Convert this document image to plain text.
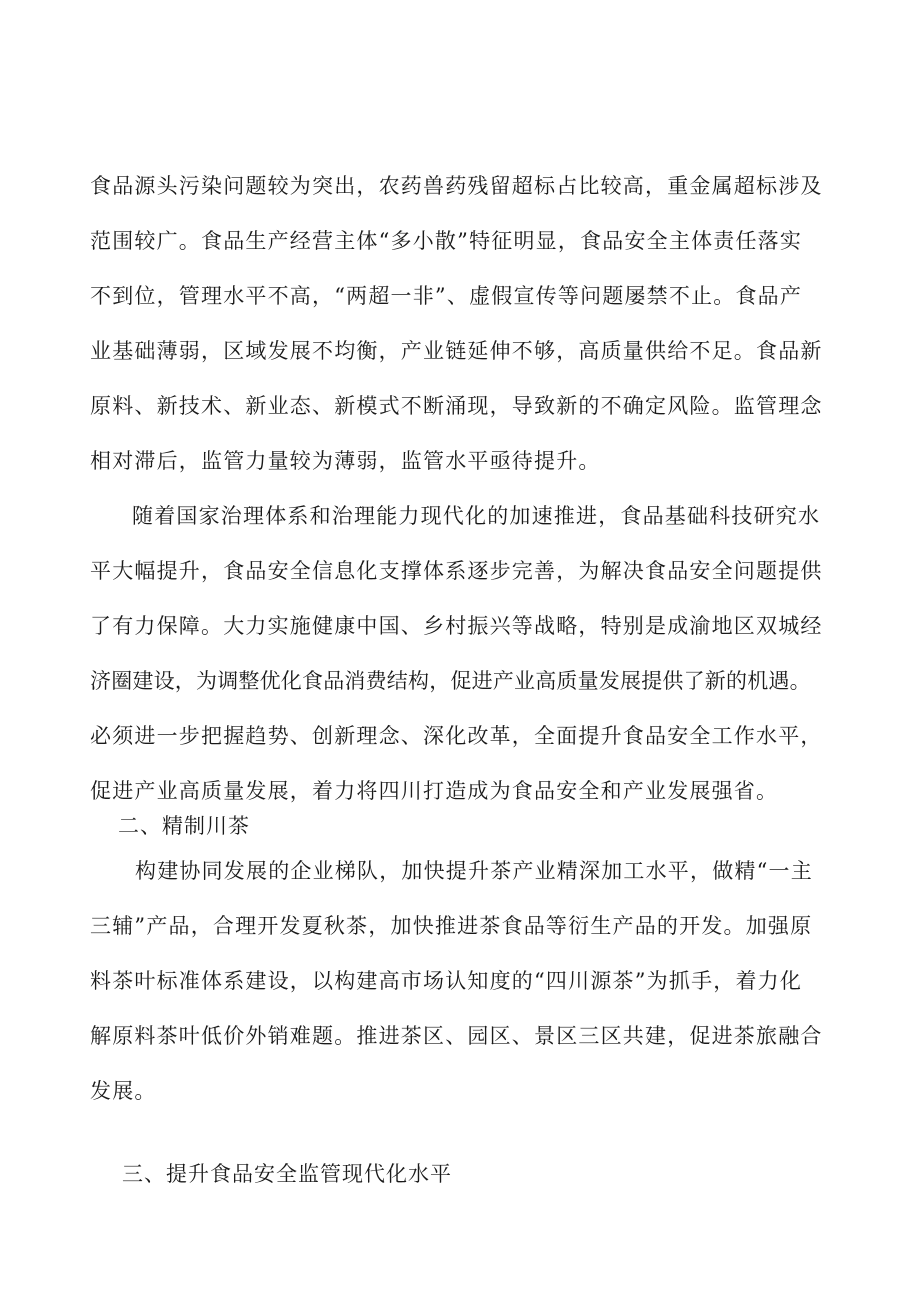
食品源头污染问题较为突出，农药兽药残留超标占比较高，重金属超标涉及
范围较广。食品生产经营主体“多小散”特征明显，食品安全主体责任落实
不到位，管理水平不高，“两超一非”、虚假宣传等问题屡禁不止。食品产
业基础薄弱，区域发展不均衡，产业链延伸不够，高质量供给不足。食品新
原料、新技术、新业态、新模式不断涌现，导致新的不确定风险。监管理念
相对滞后，监管力量较为薄弱，监管水平亟待提升。
随着国家治理体系和治理能力现代化的加速推进，食品基础科技研究水
平大幅提升，食品安全信息化支撑体系逐步完善，为解决食品安全问题提供
了有力保障。大力实施健康中国、乡村振兴等战略，特别是成渝地区双城经
济圈建设，为调整优化食品消费结构，促进产业高质量发展提供了新的机遇。
必须进一步把握趋势、创新理念、深化改革，全面提升食品安全工作水平，
促进产业高质量发展，着力将四川打造成为食品安全和产业发展强省。
二、精制川茶
构建协同发展的企业梯队，加快提升茶产业精深加工水平，做精“一主
三辅”产品，合理开发夏秋茶，加快推进茶食品等衍生产品的开发。加强原
料茶叶标准体系建设，以构建高市场认知度的“四川源茶”为抓手，着力化
解原料茶叶低价外销难题。推进茶区、园区、景区三区共建，促进茶旅融合
发展。
三、提升食品安全监管现代化水平
